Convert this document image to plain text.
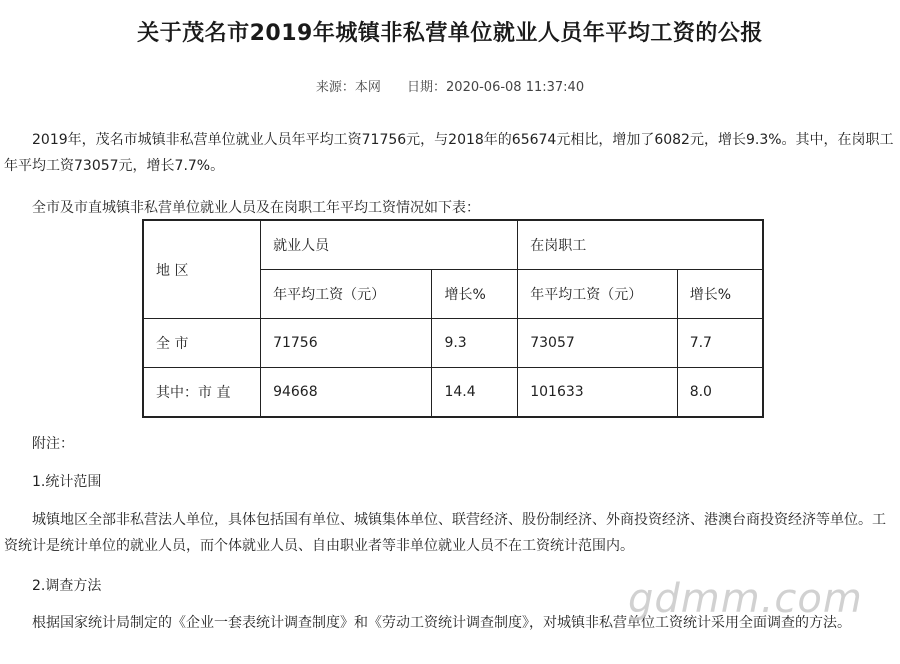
关于茂名市2019年城镇非私营单位就业人员年平均工资的公报
来源：本网 日期：2020-06-08 11:37:40

2019年，茂名市城镇非私营单位就业人员年平均工资71756元，与2018年的65674元相比，增加了6082元，增长9.3%。其中，在岗职工年平均工资73057元，增长7.7%。

全市及市直城镇非私营单位就业人员及在岗职工年平均工资情况如下表：

地 区	就业人员		在岗职工	
	年平均工资（元）	增长%	年平均工资（元）	增长%
全 市	71756	9.3	73057	7.7
其中：市 直	94668	14.4	101633	8.0

附注：

1.统计范围

城镇地区全部非私营法人单位，具体包括国有单位、城镇集体单位、联营经济、股份制经济、外商投资经济、港澳台商投资经济等单位。工资统计是统计单位的就业人员，而个体就业人员、自由职业者等非单位就业人员不在工资统计范围内。

2.调查方法

根据国家统计局制定的《企业一套表统计调查制度》和《劳动工资统计调查制度》，对城镇非私营单位工资统计采用全面调查的方法。

gdmm.com
